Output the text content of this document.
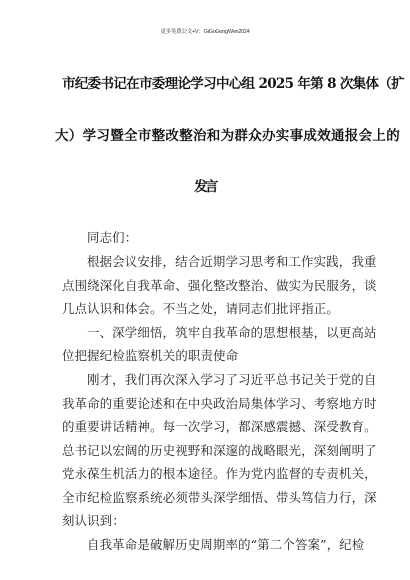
更多免费公文+V：GiGoGongWen2024
市纪委书记在市委理论学习中心组 2025 年第 8 次集体（扩
大）学习暨全市整改整治和为群众办实事成效通报会上的
发言
同志们：
根据会议安排，结合近期学习思考和工作实践，我重
点围绕深化自我革命、强化整改整治、做实为民服务，谈
几点认识和体会。不当之处，请同志们批评指正。
一、深学细悟，筑牢自我革命的思想根基，以更高站
位把握纪检监察机关的职责使命
刚才，我们再次深入学习了习近平总书记关于党的自
我革命的重要论述和在中央政治局集体学习、考察地方时
的重要讲话精神。每一次学习，都深感震撼、深受教育。
总书记以宏阔的历史视野和深邃的战略眼光，深刻阐明了
党永葆生机活力的根本途径。作为党内监督的专责机关，
全市纪检监察系统必须带头深学细悟、带头笃信力行，深
刻认识到：
自我革命是破解历史周期率的“第二个答案”，纪检
